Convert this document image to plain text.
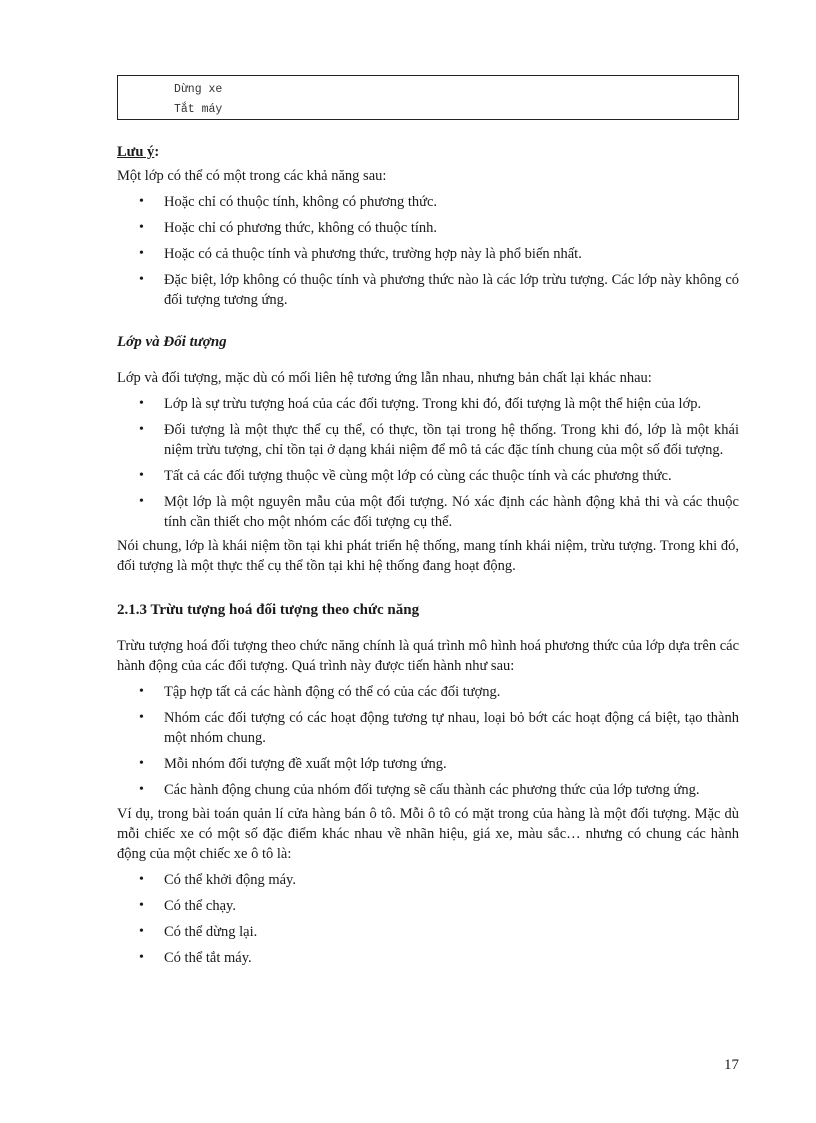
Dừng xe
Tắt máy

Lưu ý:

Một lớp có thể có một trong các khả năng sau:

• Hoặc chỉ có thuộc tính, không có phương thức.
• Hoặc chỉ có phương thức, không có thuộc tính.
• Hoặc có cả thuộc tính và phương thức, trường hợp này là phổ biến nhất.
• Đặc biệt, lớp không có thuộc tính và phương thức nào là các lớp trừu tượng. Các lớp này không có đối tượng tương ứng.

Lớp và Đối tượng

Lớp và đối tượng, mặc dù có mối liên hệ tương ứng lẫn nhau, nhưng bản chất lại khác nhau:

• Lớp là sự trừu tượng hoá của các đối tượng. Trong khi đó, đối tượng là một thể hiện của lớp.
• Đối tượng là một thực thể cụ thể, có thực, tồn tại trong hệ thống. Trong khi đó, lớp là một khái niệm trừu tượng, chỉ tồn tại ở dạng khái niệm để mô tả các đặc tính chung của một số đối tượng.
• Tất cả các đối tượng thuộc về cùng một lớp có cùng các thuộc tính và các phương thức.
• Một lớp là một nguyên mẫu của một đối tượng. Nó xác định các hành động khả thi và các thuộc tính cần thiết cho một nhóm các đối tượng cụ thể.

Nói chung, lớp là khái niệm tồn tại khi phát triển hệ thống, mang tính khái niệm, trừu tượng. Trong khi đó, đối tượng là một thực thể cụ thể tồn tại khi hệ thống đang hoạt động.

2.1.3 Trừu tượng hoá đối tượng theo chức năng

Trừu tượng hoá đối tượng theo chức năng chính là quá trình mô hình hoá phương thức của lớp dựa trên các hành động của các đối tượng. Quá trình này được tiến hành như sau:

• Tập hợp tất cả các hành động có thể có của các đối tượng.
• Nhóm các đối tượng có các hoạt động tương tự nhau, loại bỏ bớt các hoạt động cá biệt, tạo thành một nhóm chung.
• Mỗi nhóm đối tượng đề xuất một lớp tương ứng.
• Các hành động chung của nhóm đối tượng sẽ cấu thành các phương thức của lớp tương ứng.

Ví dụ, trong bài toán quản lí cửa hàng bán ô tô. Mỗi ô tô có mặt trong của hàng là một đối tượng. Mặc dù mỗi chiếc xe có một số đặc điểm khác nhau về nhãn hiệu, giá xe, màu sắc… nhưng có chung các hành động của một chiếc xe ô tô là:

• Có thể khởi động máy.
• Có thể chạy.
• Có thể dừng lại.
• Có thể tắt máy.
17
